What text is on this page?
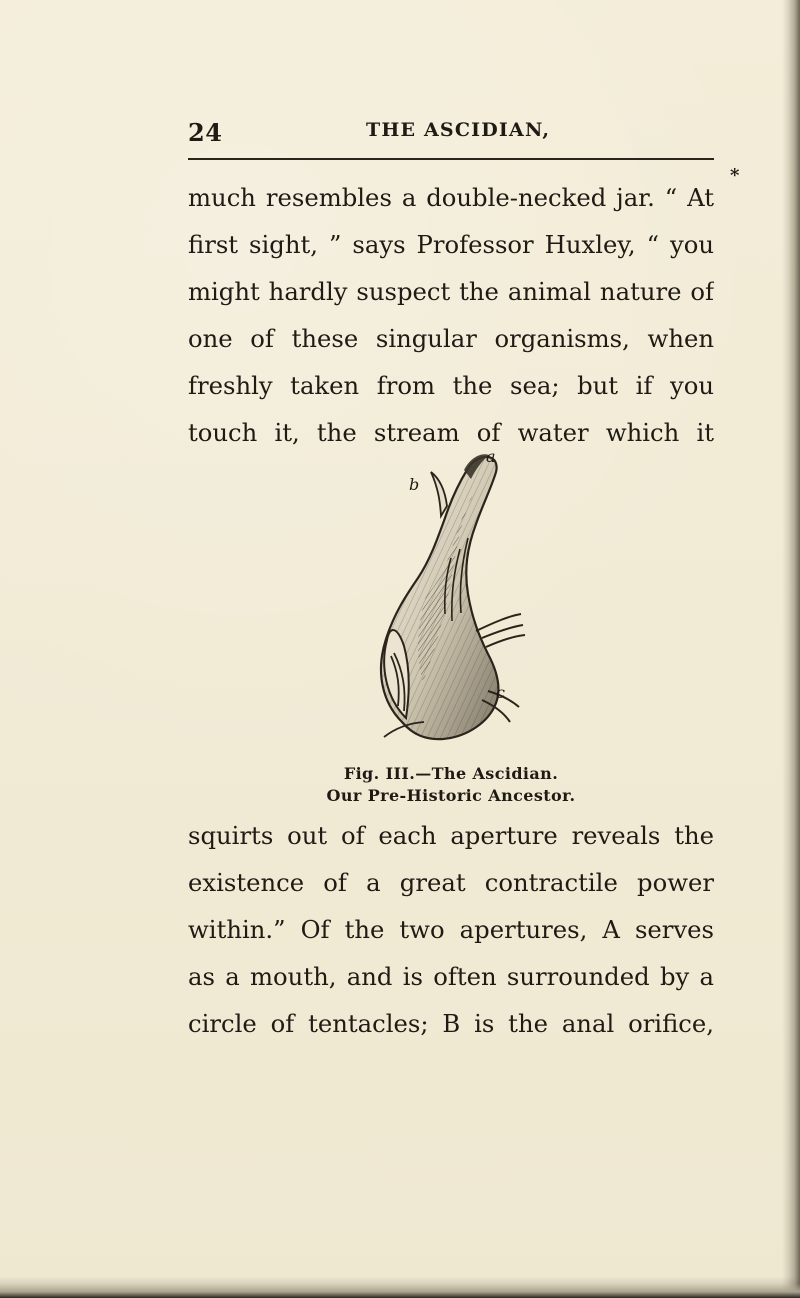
24	THE ASCIDIAN,
*
much resembles a double-necked jar. “ At
first sight, ” says Professor Huxley, “ you
might hardly suspect the animal nature of
one of these singular organisms, when
freshly taken from the sea; but if you
touch it, the stream of water which it
a
b
c
Fig. III.—The Ascidian.
Our Pre-Historic Ancestor.
squirts out of each aperture reveals the
existence of a great contractile power
within.” Of the two apertures, A serves
as a mouth, and is often surrounded by a
circle of tentacles; B is the anal orifice,
